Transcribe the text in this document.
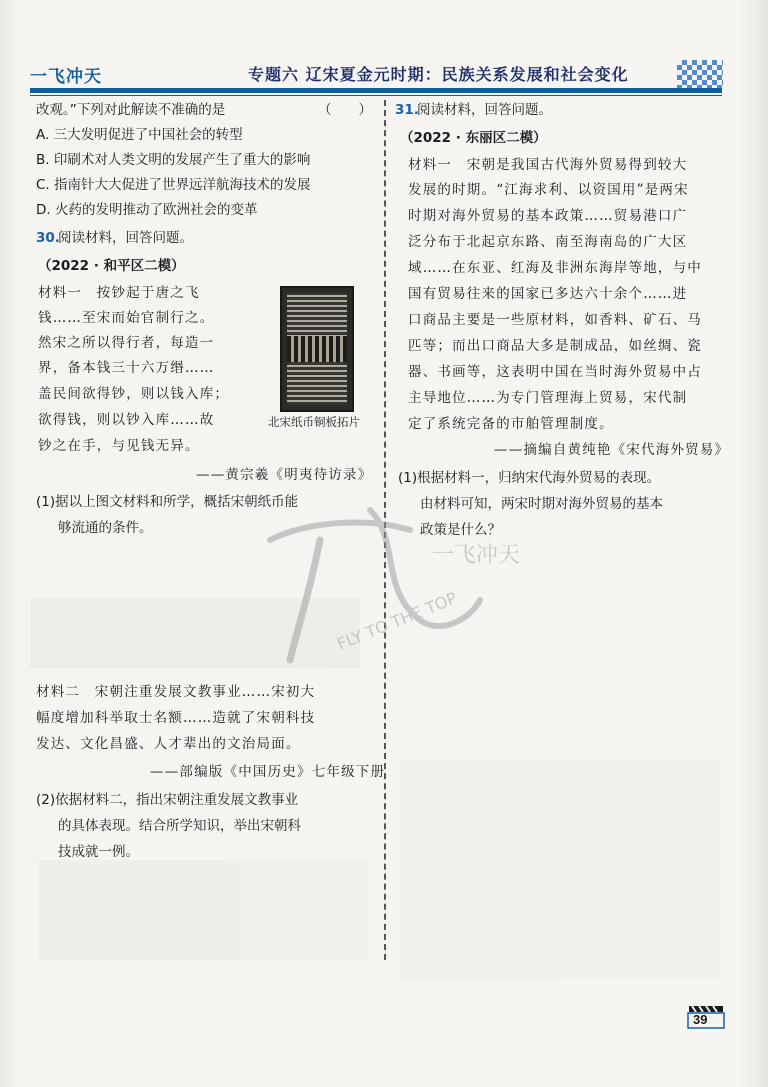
一飞冲天	专题六 辽宋夏金元时期：民族关系发展和社会变化
改观。”下列对此解读不准确的是	（　　）
A. 三大发明促进了中国社会的转型
B. 印刷术对人类文明的发展产生了重大的影响
C. 指南针大大促进了世界远洋航海技术的发展
D. 火药的发明推动了欧洲社会的变革
30.
阅读材料，回答问题。
（2022 · 和平区二模）
材料一　按钞起于唐之飞
钱……至宋而始官制行之。
然宋之所以得行者，每造一
界，备本钱三十六万缗……
盖民间欲得钞，则以钱入库；
欲得钱，则以钞入库……故
钞之在手，与见钱无异。
北宋纸币铜板拓片
——黄宗羲《明夷待访录》
(1)据以上图文材料和所学，概括宋朝纸币能
够流通的条件。
材料二　宋朝注重发展文教事业……宋初大
幅度增加科举取士名额……造就了宋朝科技
发达、文化昌盛、人才辈出的文治局面。
——部编版《中国历史》七年级下册
(2)依据材料二，指出宋朝注重发展文教事业
的具体表现。结合所学知识，举出宋朝科
技成就一例。
31.
阅读材料，回答问题。
（2022 · 东丽区二模）
材料一　宋朝是我国古代海外贸易得到较大
发展的时期。“江海求利、以资国用”是两宋
时期对海外贸易的基本政策……贸易港口广
泛分布于北起京东路、南至海南岛的广大区
域……在东亚、红海及非洲东海岸等地，与中
国有贸易往来的国家已多达六十余个……进
口商品主要是一些原材料，如香料、矿石、马
匹等；而出口商品大多是制成品，如丝绸、瓷
器、书画等，这表明中国在当时海外贸易中占
主导地位……为专门管理海上贸易，宋代制
定了系统完备的市舶管理制度。
——摘编自黄纯艳《宋代海外贸易》
(1)根据材料一，归纳宋代海外贸易的表现。
由材料可知，两宋时期对海外贸易的基本
政策是什么？
一飞冲天
FLY TO THE TOP
39
